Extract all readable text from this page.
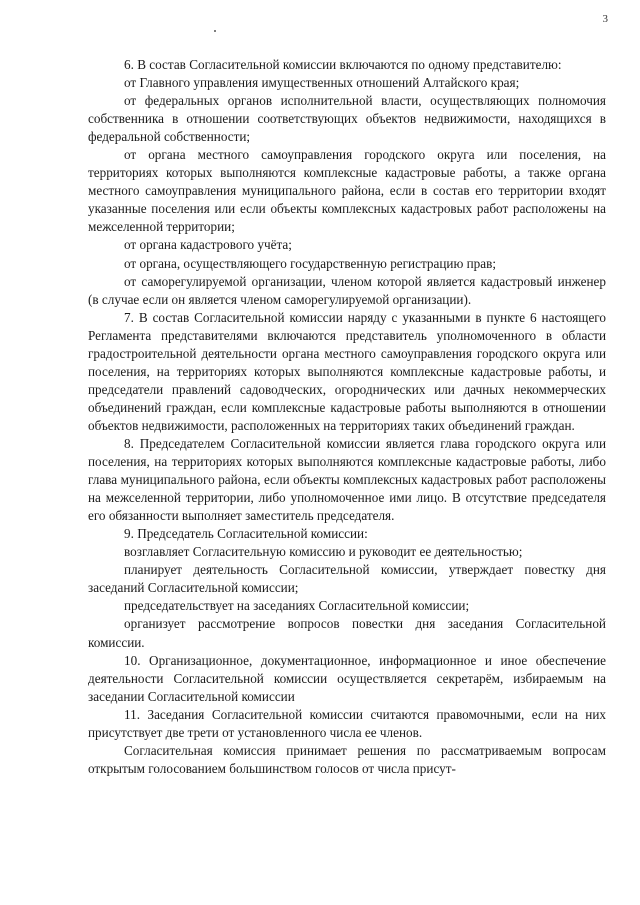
3

6. В состав Согласительной комиссии включаются по одному представителю:

от Главного управления имущественных отношений Алтайского края;

от федеральных органов исполнительной власти, осуществляющих полномочия собственника в отношении соответствующих объектов недвижимости, находящихся в федеральной собственности;

от органа местного самоуправления городского округа или поселения, на территориях которых выполняются комплексные кадастровые работы, а также органа местного самоуправления муниципального района, если в состав его территории входят указанные поселения или если объекты комплексных кадастровых работ расположены на межселенной территории;

от органа кадастрового учёта;

от органа, осуществляющего государственную регистрацию прав;

от саморегулируемой организации, членом которой является кадастровый инженер (в случае если он является членом саморегулируемой организации).

7. В состав Согласительной комиссии наряду с указанными в пункте 6 настоящего Регламента представителями включаются представитель уполномоченного в области градостроительной деятельности органа местного самоуправления городского округа или поселения, на территориях которых выполняются комплексные кадастровые работы, и председатели правлений садоводческих, огороднических или дачных некоммерческих объединений граждан, если комплексные кадастровые работы выполняются в отношении объектов недвижимости, расположенных на территориях таких объединений граждан.

8. Председателем Согласительной комиссии является глава городского округа или поселения, на территориях которых выполняются комплексные кадастровые работы, либо глава муниципального района, если объекты комплексных кадастровых работ расположены на межселенной территории, либо уполномоченное ими лицо. В отсутствие председателя его обязанности выполняет заместитель председателя.

9. Председатель Согласительной комиссии:

возглавляет Согласительную комиссию и руководит ее деятельностью;

планирует деятельность Согласительной комиссии, утверждает повестку дня заседаний Согласительной комиссии;

председательствует на заседаниях Согласительной комиссии;

организует рассмотрение вопросов повестки дня заседания Согласительной комиссии.

10. Организационное, документационное, информационное и иное обеспечение деятельности Согласительной комиссии осуществляется секретарём, избираемым на заседании Согласительной комиссии

11. Заседания Согласительной комиссии считаются правомочными, если на них присутствует две трети от установленного числа ее членов.

Согласительная комиссия принимает решения по рассматриваемым вопросам открытым голосованием большинством голосов от числа присут-
